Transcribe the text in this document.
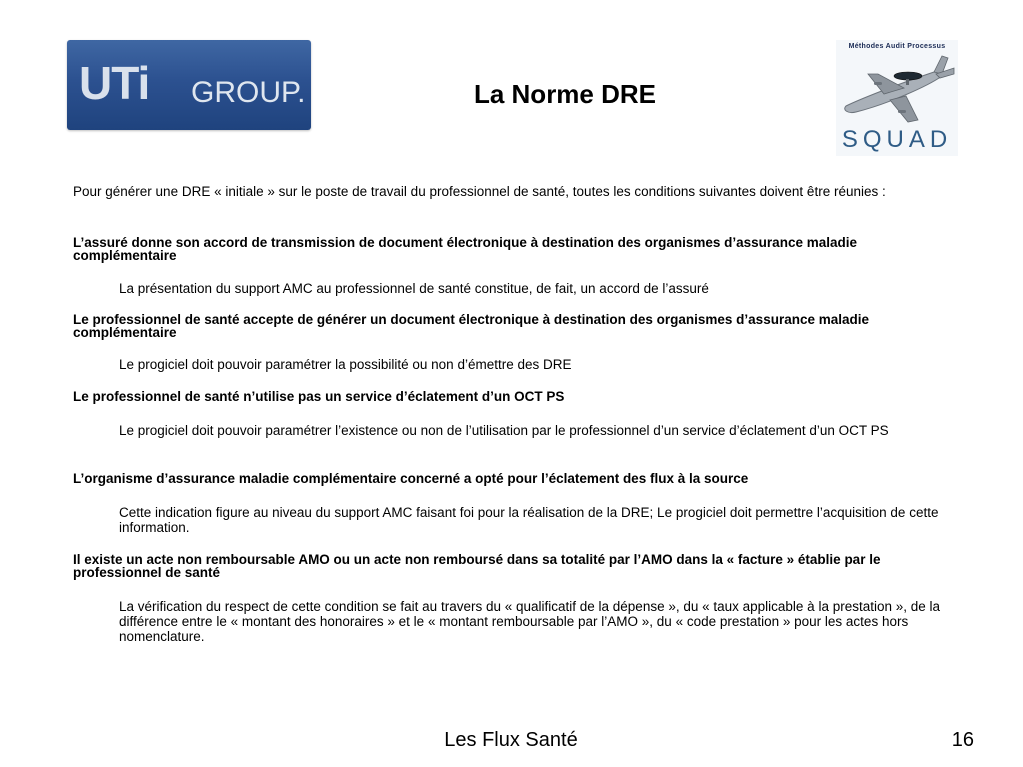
UTi GROUP.	La Norme DRE
Méthodes Audit Processus
SQUAD

Pour générer une DRE « initiale » sur le poste de travail du professionnel de santé, toutes les conditions suivantes doivent être réunies :

L’assuré donne son accord de transmission de document électronique à destination des organismes d’assurance maladie complémentaire

La présentation du support AMC au professionnel de santé constitue, de fait, un accord de l’assuré

Le professionnel de santé accepte de générer un document électronique à destination des organismes d’assurance maladie complémentaire

Le progiciel doit pouvoir paramétrer la possibilité ou non d’émettre des DRE

Le professionnel de santé n’utilise pas un service d’éclatement d’un OCT PS

Le progiciel doit pouvoir paramétrer l’existence ou non de l’utilisation par le professionnel d’un service d’éclatement d’un OCT PS

L’organisme d’assurance maladie complémentaire concerné a opté pour l’éclatement des flux à la source

Cette indication figure au niveau du support AMC faisant foi pour la réalisation de la DRE; Le progiciel doit permettre l’acquisition de cette information.

Il existe un acte non remboursable AMO ou un acte non remboursé dans sa totalité par l’AMO dans la « facture » établie par le professionnel de santé

La vérification du respect de cette condition se fait au travers du « qualificatif de la dépense », du « taux applicable à la prestation », de la différence entre le « montant des honoraires » et le « montant remboursable par l’AMO », du « code prestation » pour les actes hors nomenclature.

Les Flux Santé	16
